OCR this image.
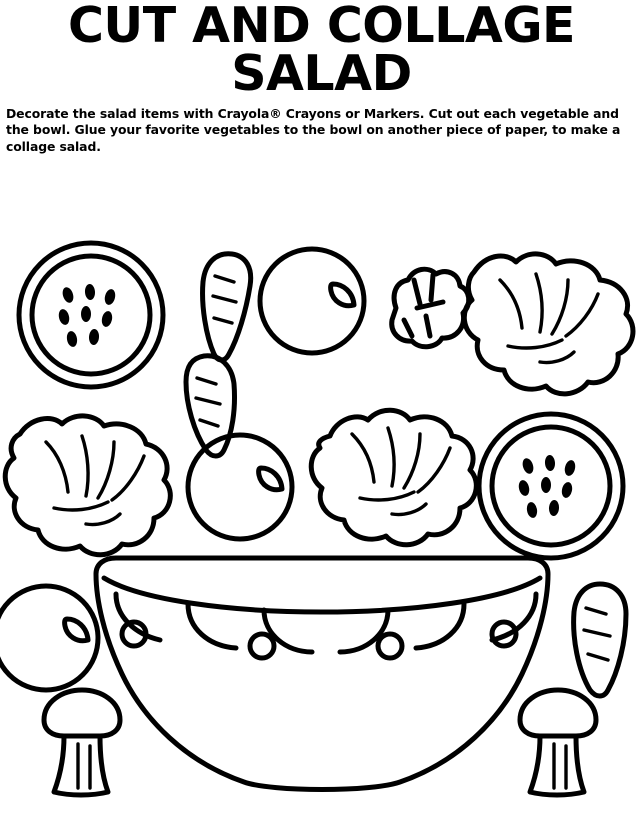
CUT AND COLLAGE
SALAD
Decorate the salad items with Crayola® Crayons or Markers. Cut out each vegetable and the bowl. Glue your favorite vegetables to the bowl on another piece of paper, to make a collage salad.
